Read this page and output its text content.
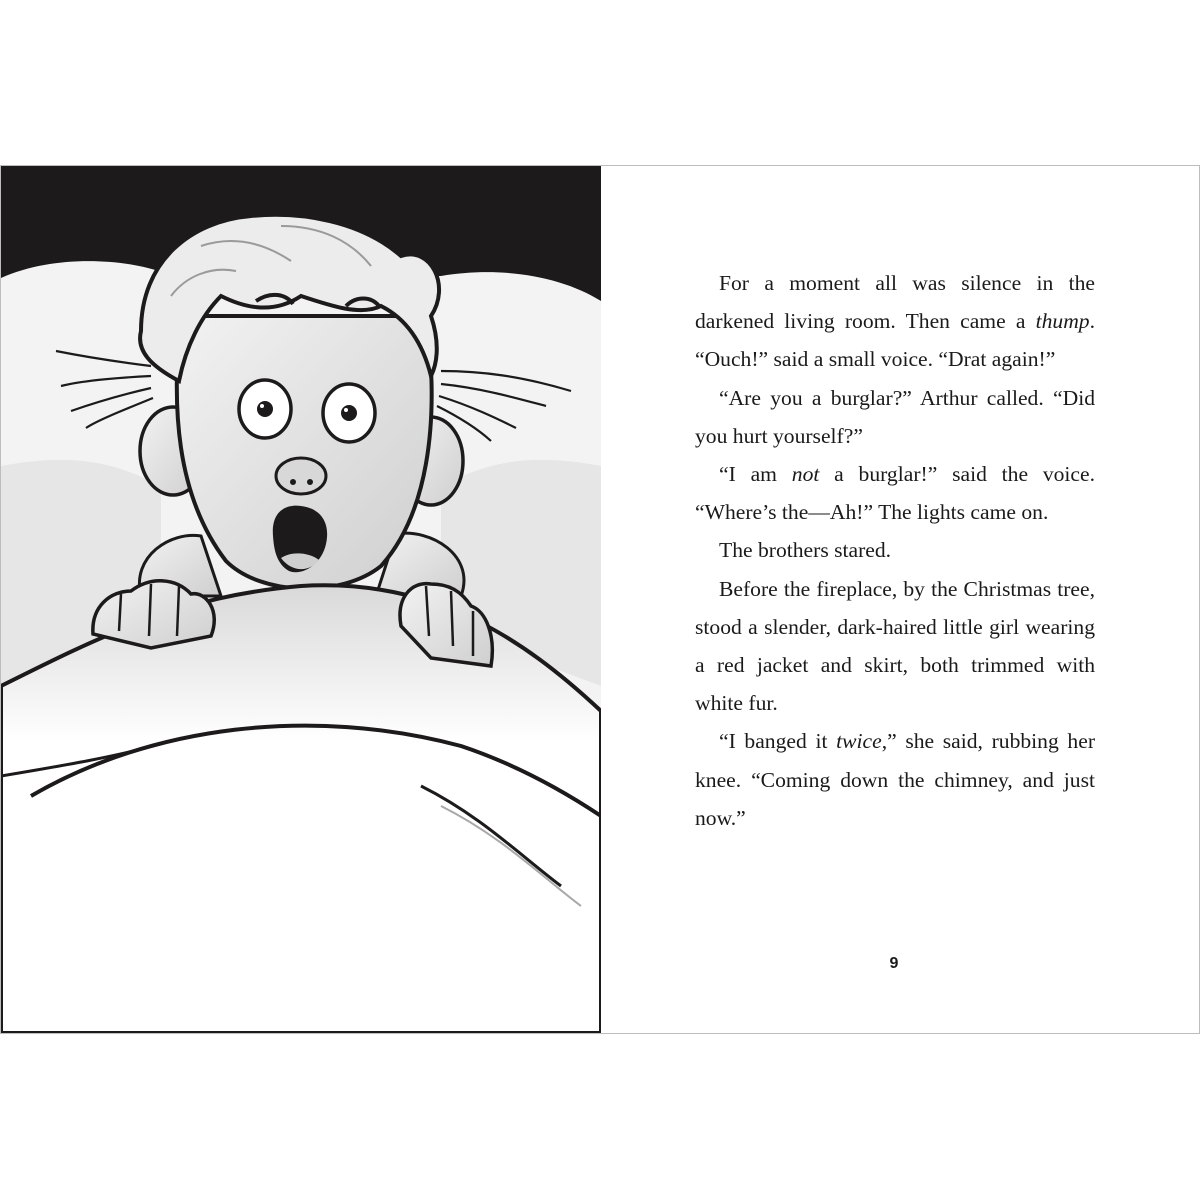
For a moment all was silence in the darkened living room. Then came a thump. “Ouch!” said a small voice. “Drat again!”

“Are you a burglar?” Arthur called. “Did you hurt yourself?”

“I am not a burglar!” said the voice. “Where’s the—Ah!” The lights came on.

The brothers stared.

Before the fireplace, by the Christmas tree, stood a slender, dark-haired little girl wearing a red jacket and skirt, both trimmed with white fur.

“I banged it twice,” she said, rubbing her knee. “Coming down the chimney, and just now.”

9
